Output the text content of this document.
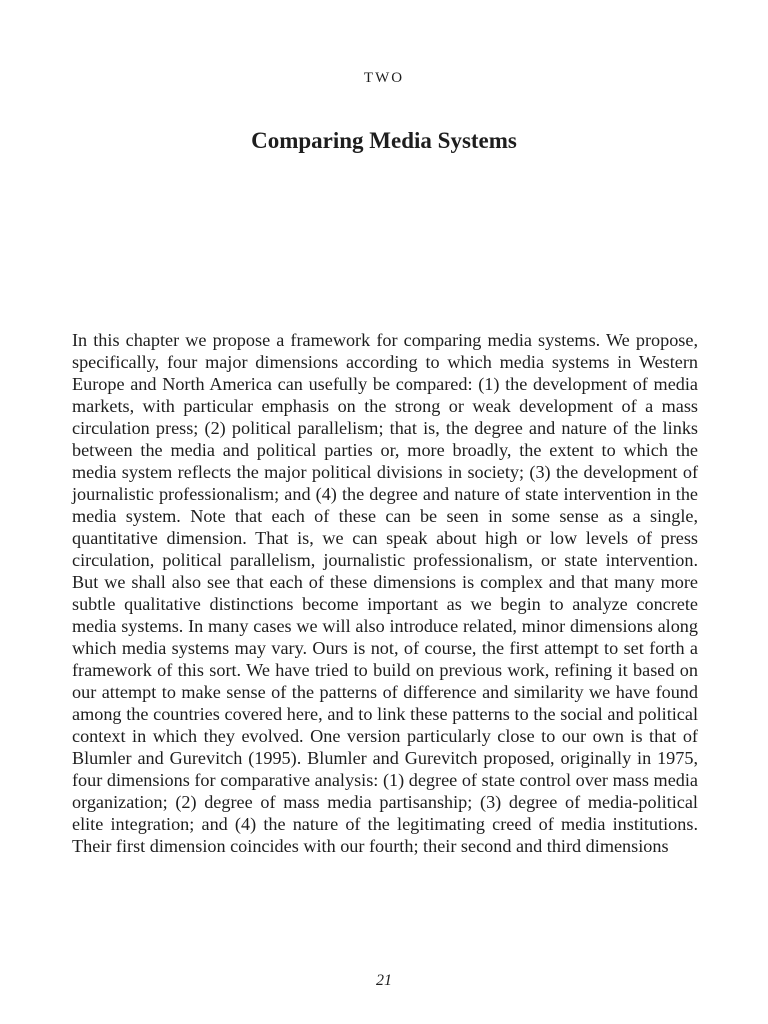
TWO
Comparing Media Systems

In this chapter we propose a framework for comparing media systems. We propose, specifically, four major dimensions according to which media systems in Western Europe and North America can usefully be compared: (1) the development of media markets, with particular emphasis on the strong or weak development of a mass circulation press; (2) political parallelism; that is, the degree and nature of the links between the media and political parties or, more broadly, the extent to which the media system reflects the major political divisions in society; (3) the development of journalistic professionalism; and (4) the degree and nature of state intervention in the media system. Note that each of these can be seen in some sense as a single, quantitative dimension. That is, we can speak about high or low levels of press circulation, political parallelism, journalistic professionalism, or state intervention. But we shall also see that each of these dimensions is complex and that many more subtle qualitative distinctions become important as we begin to analyze concrete media systems. In many cases we will also introduce related, minor dimensions along which media systems may vary. Ours is not, of course, the first attempt to set forth a framework of this sort. We have tried to build on previous work, refining it based on our attempt to make sense of the patterns of difference and similarity we have found among the countries covered here, and to link these patterns to the social and political context in which they evolved. One version particularly close to our own is that of Blumler and Gurevitch (1995). Blumler and Gurevitch proposed, originally in 1975, four dimensions for comparative analysis: (1) degree of state control over mass media organization; (2) degree of mass media partisanship; (3) degree of media-political elite integration; and (4) the nature of the legitimating creed of media institutions. Their first dimension coincides with our fourth; their second and third dimensions

21
